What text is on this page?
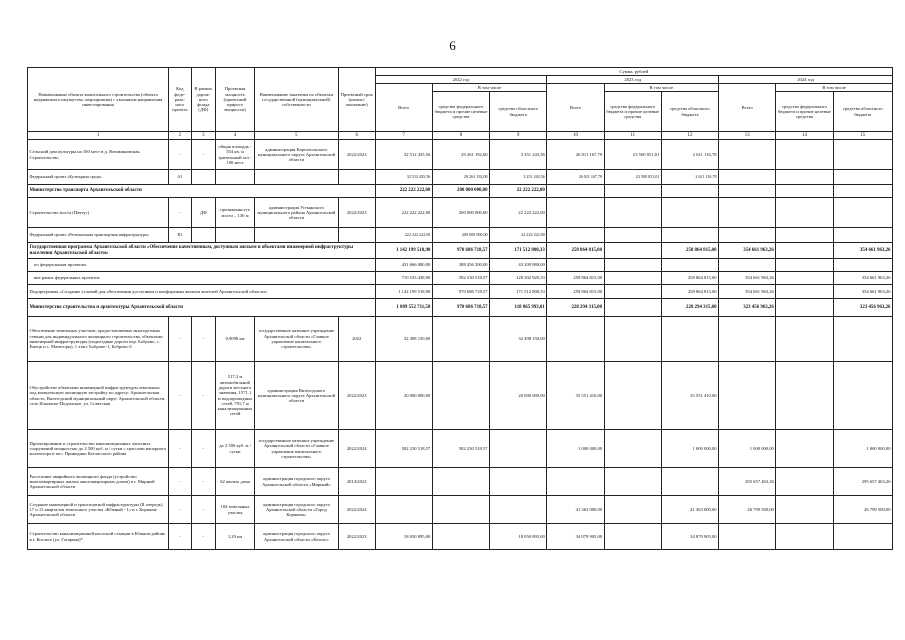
6
Наименование объекта капитального строительства (объекта недвижимого имущества, мероприятия) с указанием направления инвестирования	Код феде-раль-ного проекта	В рамках дорож-ного фонда (ДФ)	Проектная мощность (проектный прирост мощности)	Наименование заказчика по объектам государственной (муниципальной) собственности	Проектный срок (начало/окончание)	Сумма, рублей								
						2022 год			2023 год			2024 год		
						Всего	В том числе		Всего	В том числе		Всего	В том числе	
							средства федерального бюджета и прочие целевые средства	средства областного бюджета		средства федерального бюджета и прочие целевые средства	средства областного бюджета		средства федерального бюджета и прочие целевые средства	средства областного бюджета
1	2	3	4	5	6	7	8	9	10	11	12	13	14	15
Сельский дом культуры на 100 мест в д. Витяминовская. Строительство	-	-	общая площадь - 554 кв. м зрительный зал - 100 мест	администрация Каргопольского муниципального округа Архангельской области	2022/2023	32 512 435,56	29 261 192,00	3 251 243,56	26 011 167,79	23 500 051,01	2 611 116,78			
Федеральный проект «Культурная среда»	A1					32 512 435,56	29 261 192,00	3 251 243,56	26 011 167,79	23 500 051,01	2 611 116,78			
Министерство транспорта Архангельской области						222 222 222,00	200 000 000,00	22 222 222,00						
Строительство моста (Пачтус)	-	ДФ	протяженность моста – 130 м	администрация Устьянского муниципального района Архангельской области	2022/2023	222 222 222,00	200 000 000,00	22 222 222,00						
Федеральный проект «Региональная транспортная инфраструктура»	R1					222 222 222,00	200 000 000,00	22 222 222,00						
Государственная программа Архангельской области «Обеспечение качественным, доступным жильем и объектами инженерной инфраструктуры населения Архангельской области»						1 142 199 518,90	970 686 718,57	171 512 800,33	258 864 815,00		258 864 815,00	354 661 963,26		354 661 963,26
по федеральным проектам						431 666 080,00	388 456 200,00	43 209 880,00						
вне рамок федеральных проектов						710 533 438,90	582 230 518,57	128 302 920,33	258 864 815,00		258 864 815,00	354 661 963,26		354 661 963,26
Подпрограмма «Создание условий для обеспечения доступным и комфортным жильем жителей Архангельской области»						1 142 199 518,90	970 686 718,57	171 512 800,33	258 864 815,00		258 864 815,00	354 661 963,26		354 661 963,26
Министерство строительства и архитектуры Архангельской области						1 089 552 711,58	970 686 718,57	118 865 993,01	228 294 315,00		228 294 315,00	323 456 963,26		323 456 963,26
Обеспечение земельных участков, предоставляемых многодетным семьям для индивидуального жилищного строительства, объектами инженерной инфраструктуры (подъездные дороги пер. Боброво, с. Емецк и с. Матигоры), 1 этап: Боброво-1, Боброво-2	-	-	0,9098 км	государственное казенное учреждение Архангельской области «Главное управление капитального строительства»	2022	32 498 150,00		32 498 150,00						
Обустройство объектами инженерной инфраструктуры земельных под комплексную жилищную застройку по адресу: Архангельская область, Вилегодский муниципальный округ Архангельской области, село Ильинско-Подомское, ул. Советская	-	-	517,3 м автомобильной дороги местного значения, 1571,1 м водопроводных сетей, 791,7 м канализационных сетей	администрация Вилегодского муниципального округа Архангельской области	2022/2023	20 000 000,00		20 000 000,00	35 551 410,00		35 551 410,00			
Проектирование и строительство канализационных очистных сооружений мощностью до 2 500 куб. м / сутки с трассами напорного коллектора в пос. Приводино Котласского района	-	-	до 2 500 куб. м / сутки	государственное казенное учреждение Архангельской области «Главное управление капитального строительства»	2022/2024	582 230 518,57	582 230 518,57		1 000 000,00		1 000 000,00	1 000 000,00		1 000 000,00
Расселение аварийного жилищного фонда (устройство многоквартирных жилых многоквартирных домов) в г. Мирный Архангельской области	-	-	62 жилых дома	администрация городского округа Архангельской области «Мирный»	2014/2022							295 657 463,26		295 657 463,26
Создание инженерной и транспортной инфраструктуры (II очередь) 17 и 15 кварталов земельного участка «Южный - 1» в г. Коряжме Архангельской области	-	-	184 земельных участка	администрация городского округа Архангельской области «Город Коряжма»	2022/2024				41 363 000,00		41 363 000,00	26 799 500,00		26 799 500,00
Строительство канализационной насосной станции в Южном районе в г. Котласе (ул. Гагарина)*	-	-	1,29 км	администрация городского округа Архангельской области «Котлас»	2022/2023	18 050 895,00		18 050 895,00	34 879 905,00		34 879 905,00			
